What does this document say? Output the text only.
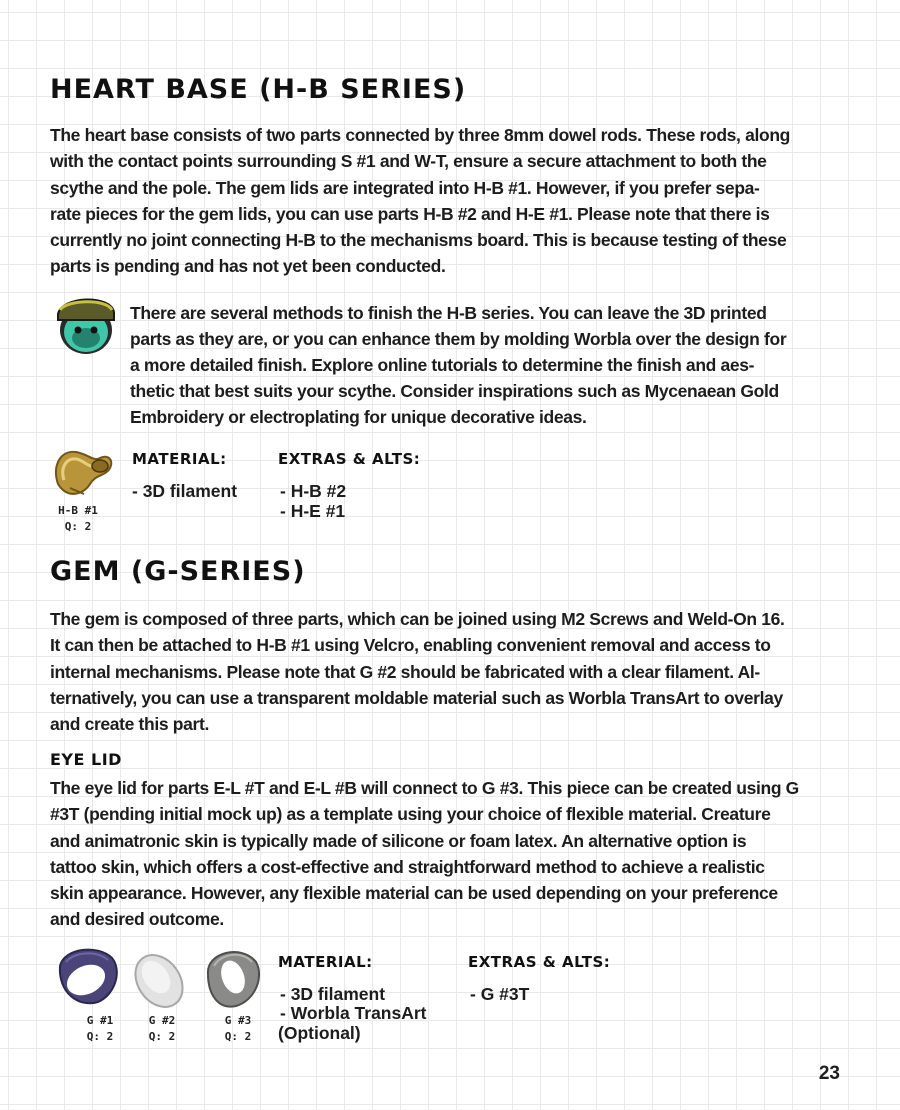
HEART BASE (H-B SERIES)
The heart base consists of two parts connected by three 8mm dowel rods. These rods, along
with the contact points surrounding S #1 and W-T, ensure a secure attachment to both the
scythe and the pole. The gem lids are integrated into H-B #1. However, if you prefer sepa-
rate pieces for the gem lids, you can use parts H-B #2 and H-E #1. Please note that there is
currently no joint connecting H-B to the mechanisms board. This is because testing of these
parts is pending and has not yet been conducted.
There are several methods to finish the H-B series. You can leave the 3D printed
parts as they are, or you can enhance them by molding Worbla over the design for
a more detailed finish. Explore online tutorials to determine the finish and aes-
thetic that best suits your scythe. Consider inspirations such as Mycenaean Gold
Embroidery or electroplating for unique decorative ideas.
H-B #1
Q: 2
MATERIAL:
- 3D filament
EXTRAS & ALTS:
- H-B #2
- H-E #1
GEM (G-SERIES)
The gem is composed of three parts, which can be joined using M2 Screws and Weld-On 16.
It can then be attached to H-B #1 using Velcro, enabling convenient removal and access to
internal mechanisms. Please note that G #2 should be fabricated with a clear filament. Al-
ternatively, you can use a transparent moldable material such as Worbla TransArt to overlay
and create this part.
EYE LID
The eye lid for parts E-L #T and E-L #B will connect to G #3. This piece can be created using G
#3T (pending initial mock up) as a template using your choice of flexible material. Creature
and animatronic skin is typically made of silicone or foam latex. An alternative option is
tattoo skin, which offers a cost-effective and straightforward method to achieve a realistic
skin appearance. However, any flexible material can be used depending on your preference
and desired outcome.
G #1
Q: 2
G #2
Q: 2
G #3
Q: 2
MATERIAL:
- 3D filament
- Worbla TransArt
(Optional)
EXTRAS & ALTS:
- G #3T
23
